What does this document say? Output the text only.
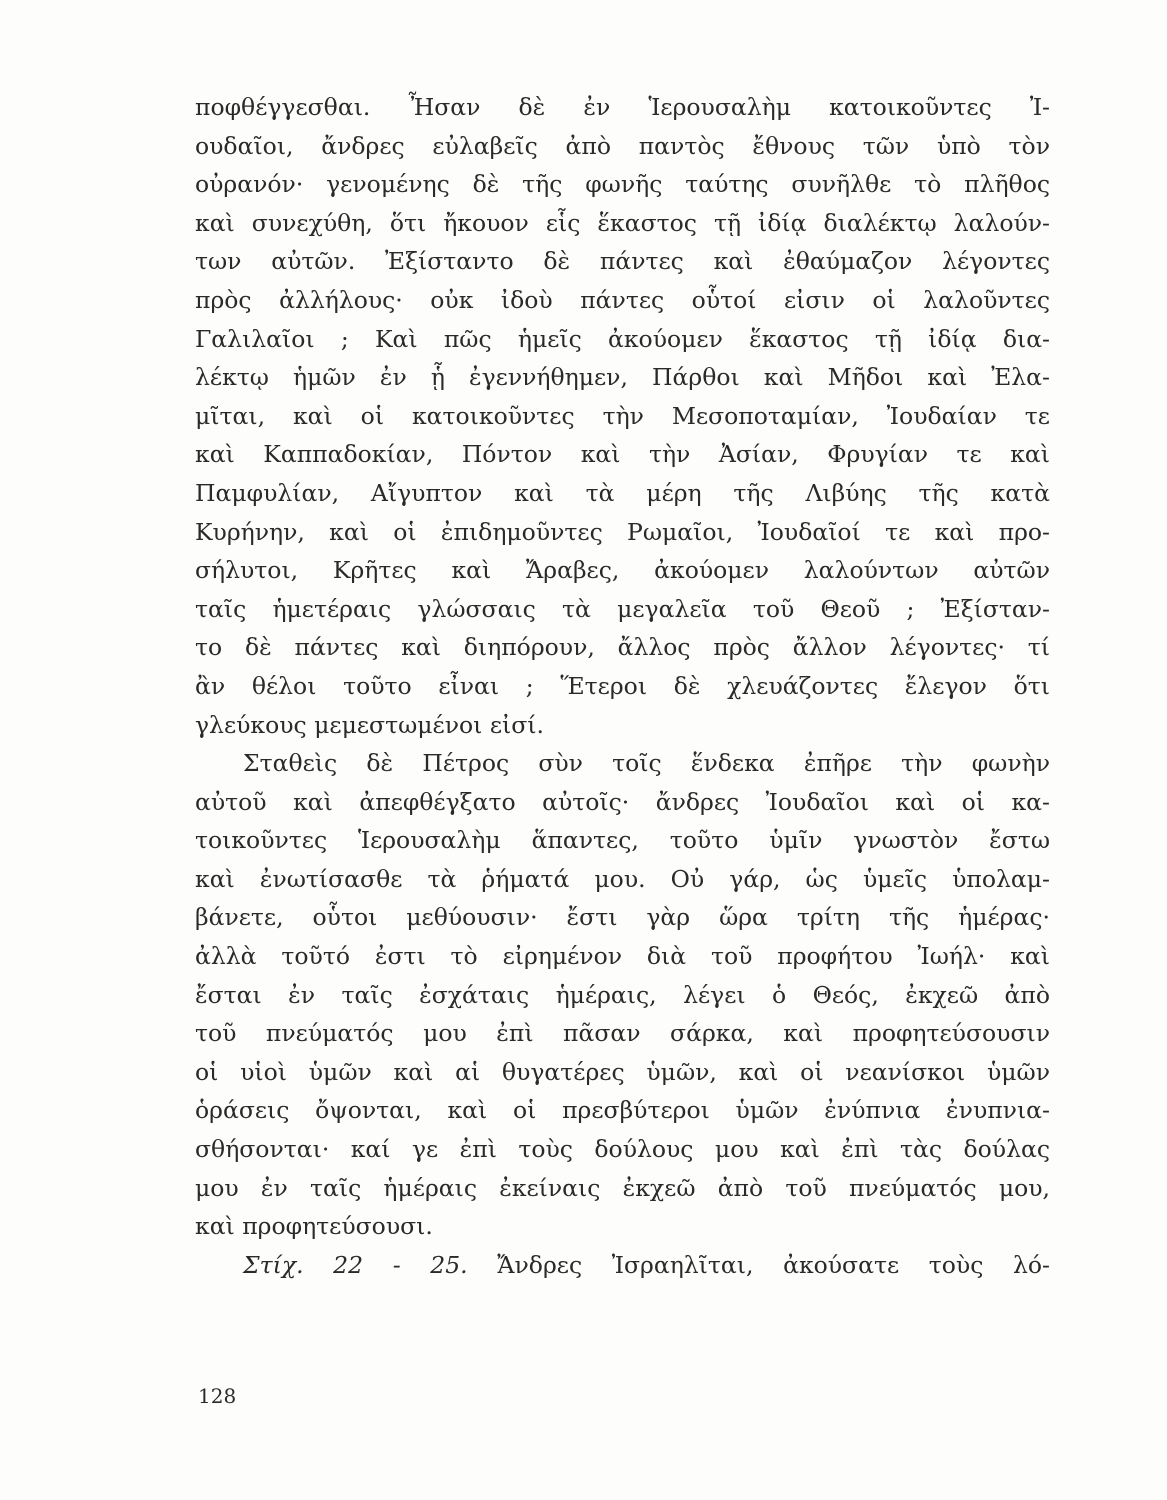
ποφθέγγεσθαι. Ἦσαν δὲ ἐν Ἱερουσαλὴμ κατοικοῦντες Ἰ-
ουδαῖοι, ἄνδρες εὐλαβεῖς ἀπὸ παντὸς ἔθνους τῶν ὑπὸ τὸν
οὐρανόν· γενομένης δὲ τῆς φωνῆς ταύτης συνῆλθε τὸ πλῆθος
καὶ συνεχύθη, ὅτι ἤκουον εἷς ἕκαστος τῇ ἰδίᾳ διαλέκτῳ λαλούν-
των αὐτῶν. Ἐξίσταντο δὲ πάντες καὶ ἐθαύμαζον λέγοντες
πρὸς ἀλλήλους· οὐκ ἰδοὺ πάντες οὗτοί εἰσιν οἱ λαλοῦντες
Γαλιλαῖοι ; Καὶ πῶς ἡμεῖς ἀκούομεν ἕκαστος τῇ ἰδίᾳ δια-
λέκτῳ ἡμῶν ἐν ᾗ ἐγεννήθημεν, Πάρθοι καὶ Μῆδοι καὶ Ἐλα-
μῖται, καὶ οἱ κατοικοῦντες τὴν Μεσοποταμίαν, Ἰουδαίαν τε
καὶ Καππαδοκίαν, Πόντον καὶ τὴν Ἀσίαν, Φρυγίαν τε καὶ
Παμφυλίαν, Αἴγυπτον καὶ τὰ μέρη τῆς Λιβύης τῆς κατὰ
Κυρήνην, καὶ οἱ ἐπιδημοῦντες Ρωμαῖοι, Ἰουδαῖοί τε καὶ προ-
σήλυτοι, Κρῆτες καὶ Ἄραβες, ἀκούομεν λαλούντων αὐτῶν
ταῖς ἡμετέραις γλώσσαις τὰ μεγαλεῖα τοῦ Θεοῦ ; Ἐξίσταν-
το δὲ πάντες καὶ διηπόρουν, ἄλλος πρὸς ἄλλον λέγοντες· τί
ἂν θέλοι τοῦτο εἶναι ; Ἕτεροι δὲ χλευάζοντες ἔλεγον ὅτι
γλεύκους μεμεστωμένοι εἰσί.
Σταθεὶς δὲ Πέτρος σὺν τοῖς ἕνδεκα ἐπῆρε τὴν φωνὴν
αὐτοῦ καὶ ἀπεφθέγξατο αὐτοῖς· ἄνδρες Ἰουδαῖοι καὶ οἱ κα-
τοικοῦντες Ἱερουσαλὴμ ἅπαντες, τοῦτο ὑμῖν γνωστὸν ἔστω
καὶ ἐνωτίσασθε τὰ ῥήματά μου. Οὐ γάρ, ὡς ὑμεῖς ὑπολαμ-
βάνετε, οὗτοι μεθύουσιν· ἔστι γὰρ ὥρα τρίτη τῆς ἡμέρας·
ἀλλὰ τοῦτό ἐστι τὸ εἰρημένον διὰ τοῦ προφήτου Ἰωήλ· καὶ
ἔσται ἐν ταῖς ἐσχάταις ἡμέραις, λέγει ὁ Θεός, ἐκχεῶ ἀπὸ
τοῦ πνεύματός μου ἐπὶ πᾶσαν σάρκα, καὶ προφητεύσουσιν
οἱ υἱοὶ ὑμῶν καὶ αἱ θυγατέρες ὑμῶν, καὶ οἱ νεανίσκοι ὑμῶν
ὁράσεις ὄψονται, καὶ οἱ πρεσβύτεροι ὑμῶν ἐνύπνια ἐνυπνια-
σθήσονται· καί γε ἐπὶ τοὺς δούλους μου καὶ ἐπὶ τὰς δούλας
μου ἐν ταῖς ἡμέραις ἐκείναις ἐκχεῶ ἀπὸ τοῦ πνεύματός μου,
καὶ προφητεύσουσι.
Στίχ. 22 - 25. Ἄνδρες Ἰσραηλῖται, ἀκούσατε τοὺς λό-
128
